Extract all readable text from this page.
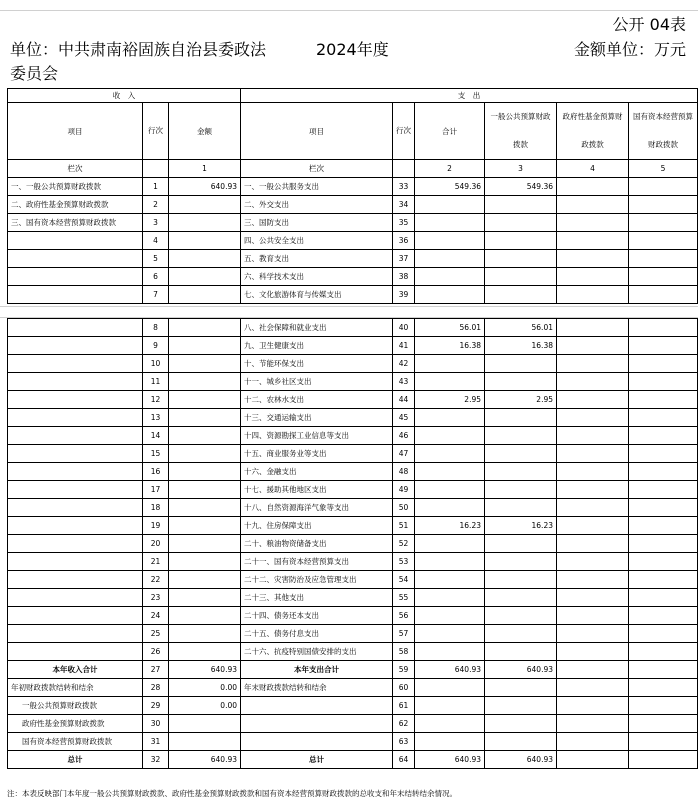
公开 04表
单位：中共肃南裕固族自治县委政法
委员会
2024年度	金额单位：万元
收　入			支　出					
项目	行次	金额	项目	行次	合计	一般公共预算财政拨款	政府性基金预算财政拨款	国有资本经营预算财政拨款
栏次		1	栏次		2	3	4	5
一、一般公共预算财政拨款	1	640.93	一、一般公共服务支出	33	549.36	549.36		
二、政府性基金预算财政拨款	2		二、外交支出	34				
三、国有资本经营预算财政拨款	3		三、国防支出	35				
	4		四、公共安全支出	36				
	5		五、教育支出	37				
	6		六、科学技术支出	38				
	7		七、文化旅游体育与传媒支出	39				
	8		八、社会保障和就业支出	40	56.01	56.01		
	9		九、卫生健康支出	41	16.38	16.38		
	10		十、节能环保支出	42				
	11		十一、城乡社区支出	43				
	12		十二、农林水支出	44	2.95	2.95		
	13		十三、交通运输支出	45				
	14		十四、资源勘探工业信息等支出	46				
	15		十五、商业服务业等支出	47				
	16		十六、金融支出	48				
	17		十七、援助其他地区支出	49				
	18		十八、自然资源海洋气象等支出	50				
	19		十九、住房保障支出	51	16.23	16.23		
	20		二十、粮油物资储备支出	52				
	21		二十一、国有资本经营预算支出	53				
	22		二十二、灾害防治及应急管理支出	54				
	23		二十三、其他支出	55				
	24		二十四、债务还本支出	56				
	25		二十五、债务付息支出	57				
	26		二十六、抗疫特别国债安排的支出	58				
本年收入合计	27	640.93	本年支出合计	59	640.93	640.93		
年初财政拨款结转和结余	28	0.00	年末财政拨款结转和结余	60				
一般公共预算财政拨款	29	0.00		61				
政府性基金预算财政拨款	30			62				
国有资本经营预算财政拨款	31			63				
总计	32	640.93	总计	64	640.93	640.93		
注：本表反映部门本年度一般公共预算财政拨款、政府性基金预算财政拨款和国有资本经营预算财政拨款的总收支和年末结转结余情况。
